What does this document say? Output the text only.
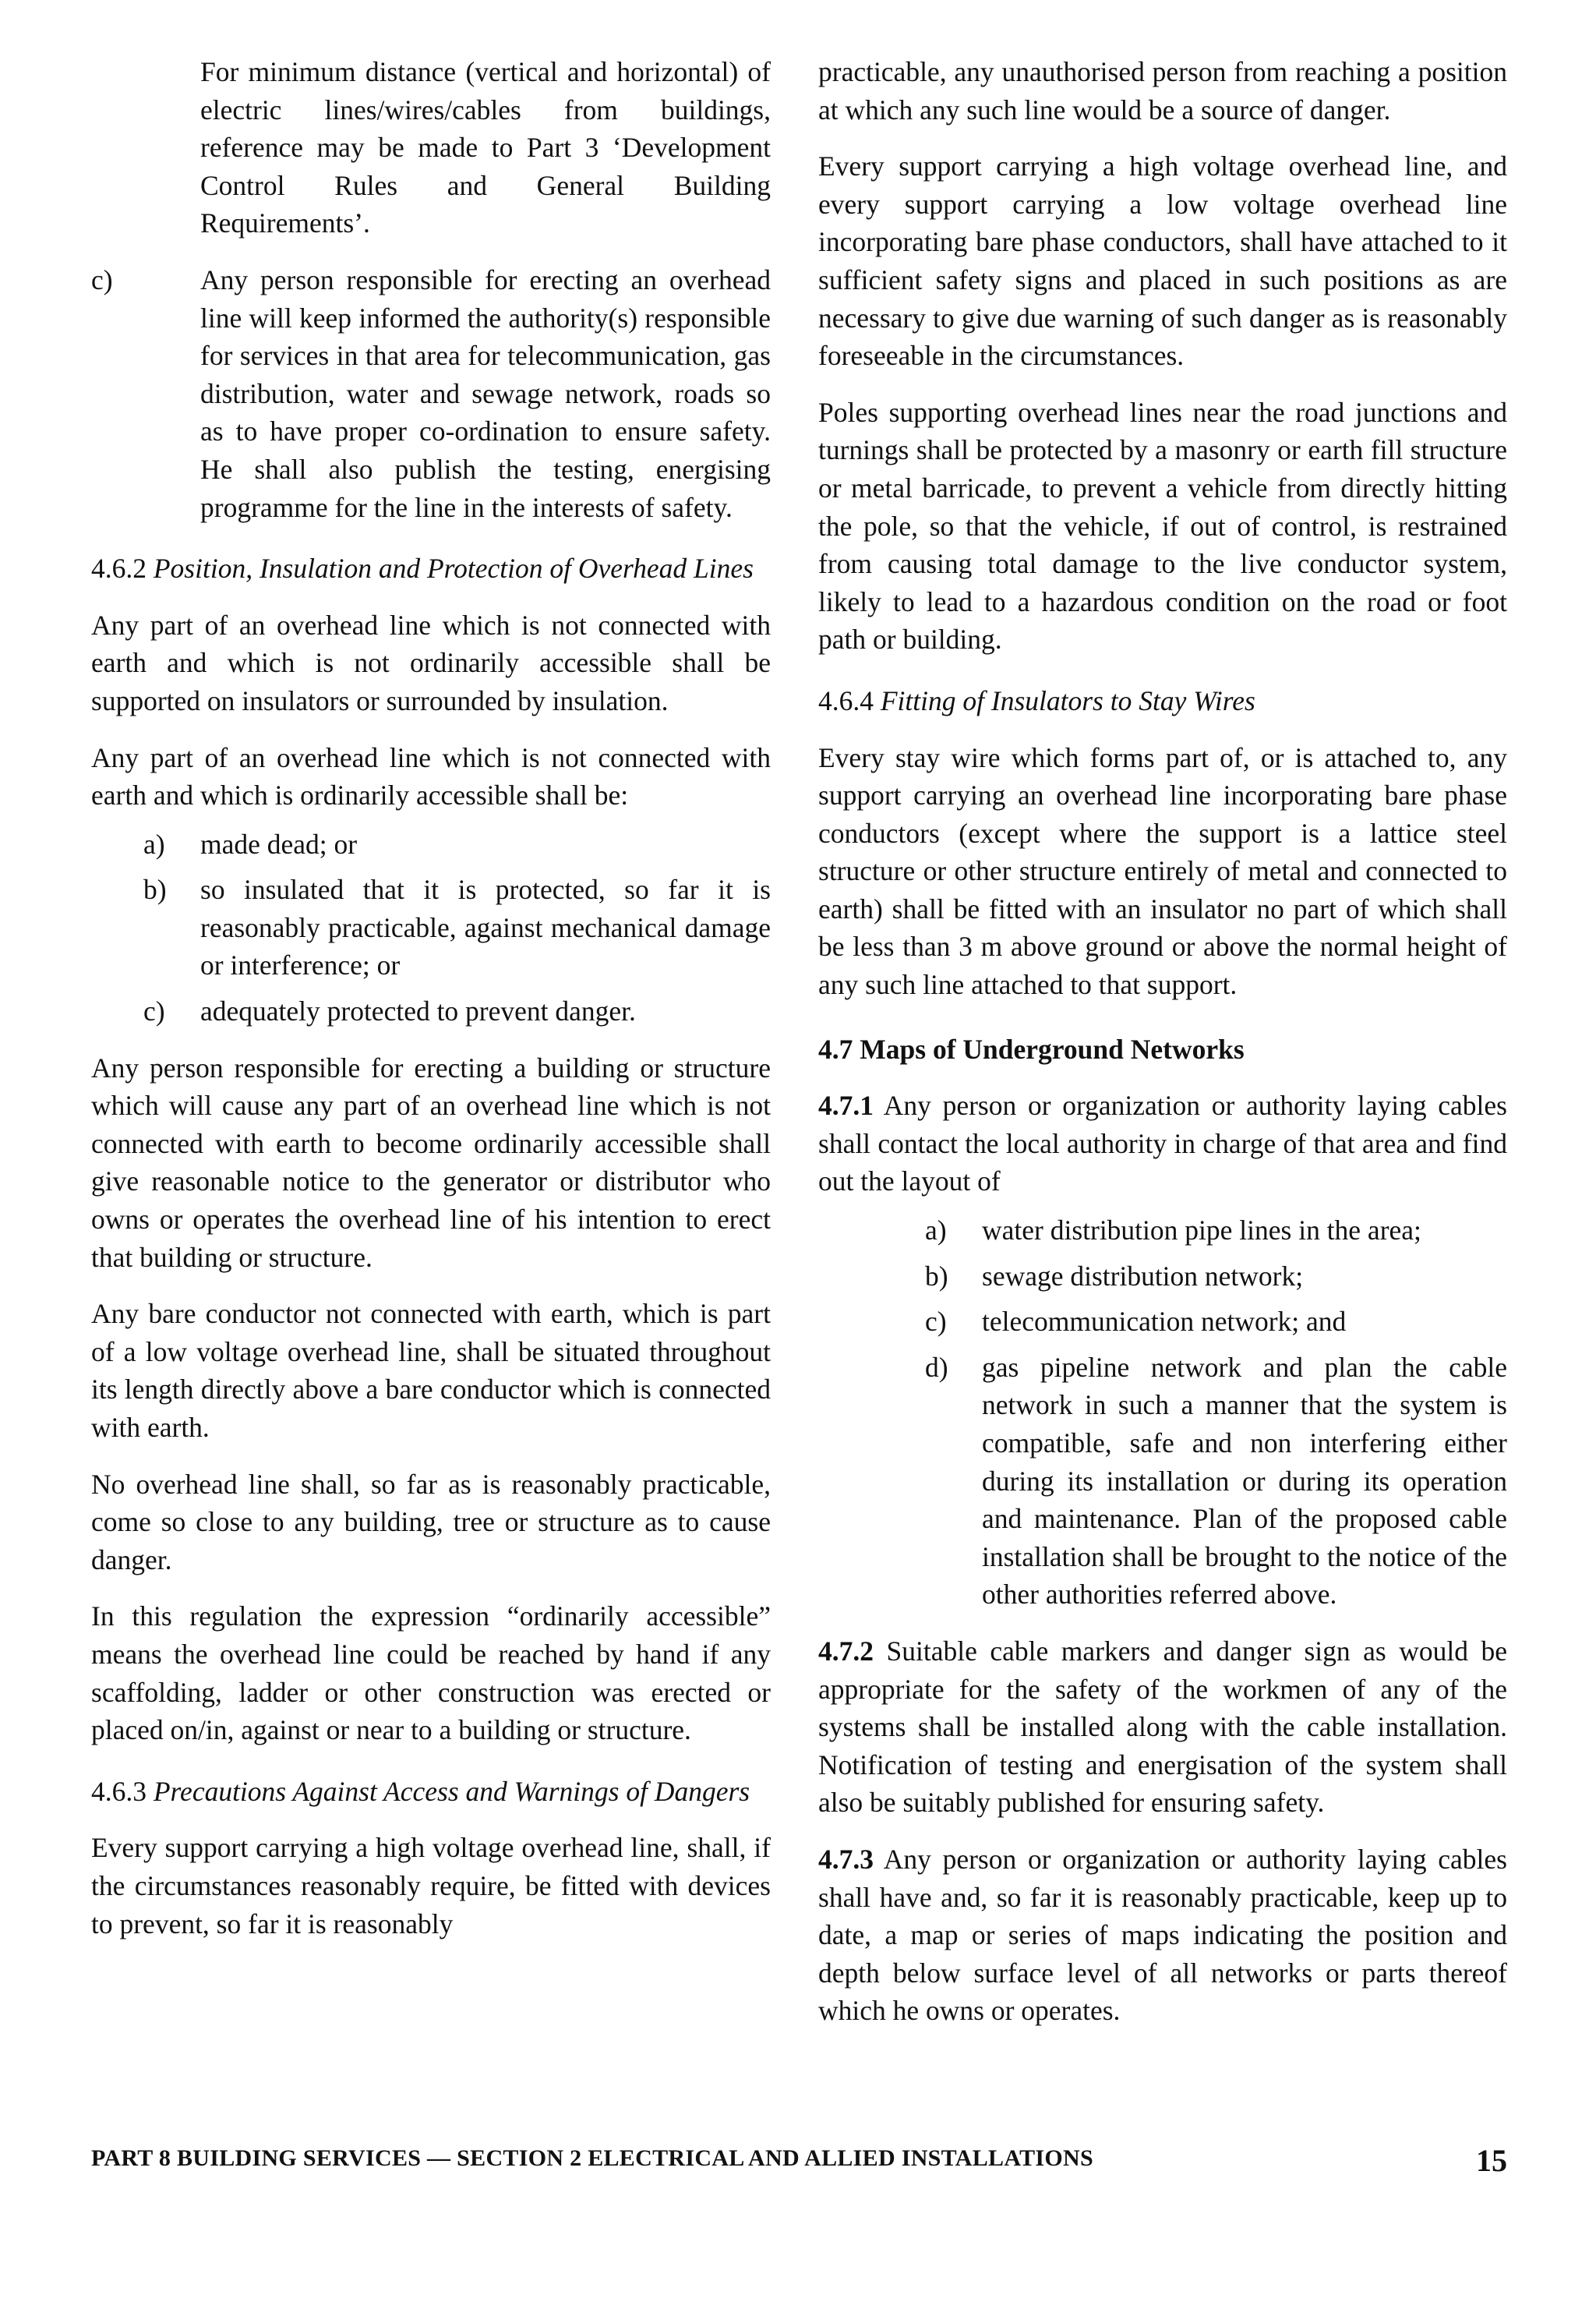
For minimum distance (vertical and horizontal) of electric lines/wires/cables from buildings, reference may be made to Part 3 ‘Development Control Rules and General Building Requirements’.

c)	Any person responsible for erecting an overhead line will keep informed the authority(s) responsible for services in that area for telecommunication, gas distribution, water and sewage network, roads so as to have proper co-ordination to ensure safety. He shall also publish the testing, energising programme for the line in the interests of safety.
4.6.2 Position, Insulation and Protection of Overhead Lines

Any part of an overhead line which is not connected with earth and which is not ordinarily accessible shall be supported on insulators or surrounded by insulation.

Any part of an overhead line which is not connected with earth and which is ordinarily accessible shall be:

a) made dead; or
b) so insulated that it is protected, so far it is reasonably practicable, against mechanical damage or interference; or
c) adequately protected to prevent danger.

Any person responsible for erecting a building or structure which will cause any part of an overhead line which is not connected with earth to become ordinarily accessible shall give reasonable notice to the generator or distributor who owns or operates the overhead line of his intention to erect that building or structure.

Any bare conductor not connected with earth, which is part of a low voltage overhead line, shall be situated throughout its length directly above a bare conductor which is connected with earth.

No overhead line shall, so far as is reasonably practicable, come so close to any building, tree or structure as to cause danger.

In this regulation the expression “ordinarily accessible” means the overhead line could be reached by hand if any scaffolding, ladder or other construction was erected or placed on/in, against or near to a building or structure.

4.6.3 Precautions Against Access and Warnings of Dangers

Every support carrying a high voltage overhead line, shall, if the circumstances reasonably require, be fitted with devices to prevent, so far it is reasonably

practicable, any unauthorised person from reaching a position at which any such line would be a source of danger.

Every support carrying a high voltage overhead line, and every support carrying a low voltage overhead line incorporating bare phase conductors, shall have attached to it sufficient safety signs and placed in such positions as are necessary to give due warning of such danger as is reasonably foreseeable in the circumstances.

Poles supporting overhead lines near the road junctions and turnings shall be protected by a masonry or earth fill structure or metal barricade, to prevent a vehicle from directly hitting the pole, so that the vehicle, if out of control, is restrained from causing total damage to the live conductor system, likely to lead to a hazardous condition on the road or foot path or building.

4.6.4 Fitting of Insulators to Stay Wires

Every stay wire which forms part of, or is attached to, any support carrying an overhead line incorporating bare phase conductors (except where the support is a lattice steel structure or other structure entirely of metal and connected to earth) shall be fitted with an insulator no part of which shall be less than 3 m above ground or above the normal height of any such line attached to that support.

4.7 Maps of Underground Networks

4.7.1 Any person or organization or authority laying cables shall contact the local authority in charge of that area and find out the layout of

a) water distribution pipe lines in the area;
b) sewage distribution network;
c) telecommunication network; and
d) gas pipeline network and plan the cable network in such a manner that the system is compatible, safe and non interfering either during its installation or during its operation and maintenance. Plan of the proposed cable installation shall be brought to the notice of the other authorities referred above.

4.7.2 Suitable cable markers and danger sign as would be appropriate for the safety of the workmen of any of the systems shall be installed along with the cable installation. Notification of testing and energisation of the system shall also be suitably published for ensuring safety.

4.7.3 Any person or organization or authority laying cables shall have and, so far it is reasonably practicable, keep up to date, a map or series of maps indicating the position and depth below surface level of all networks or parts thereof which he owns or operates.

PART 8 BUILDING SERVICES — SECTION 2 ELECTRICAL AND ALLIED INSTALLATIONS	15
